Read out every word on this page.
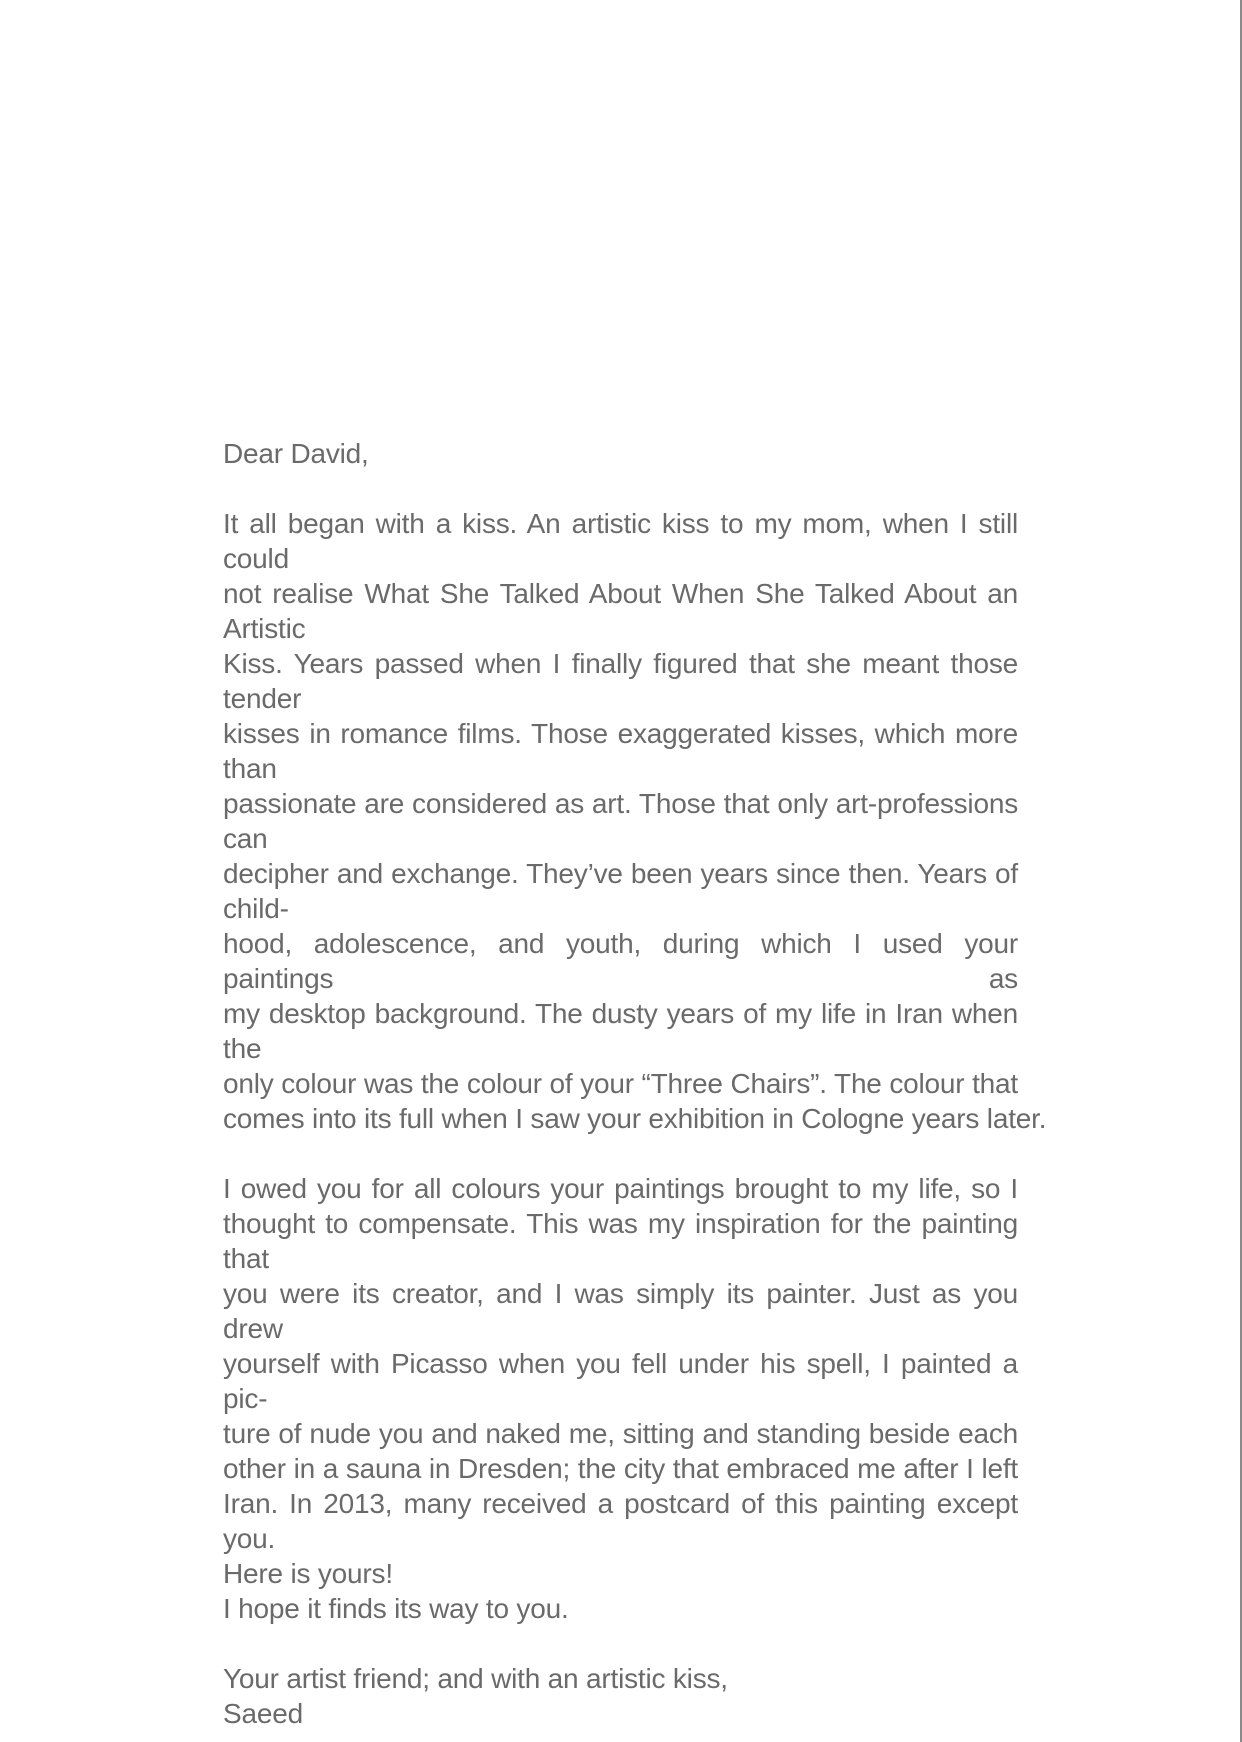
Dear David,
It all began with a kiss. An artistic kiss to my mom, when I still could
not realise What She Talked About When She Talked About an Artistic
Kiss. Years passed when I finally figured that she meant those tender
kisses in romance films. Those exaggerated kisses, which more than
passionate are considered as art. Those that only art-professions can
decipher and exchange. They’ve been years since then. Years of child-
hood, adolescence, and youth, during which I used your paintings as
my desktop background. The dusty years of my life in Iran when the
only colour was the colour of your “Three Chairs”. The colour that
comes into its full when I saw your exhibition in Cologne years later.
I owed you for all colours your paintings brought to my life, so I
thought to compensate. This was my inspiration for the painting that
you were its creator, and I was simply its painter. Just as you drew
yourself with Picasso when you fell under his spell, I painted a pic-
ture of nude you and naked me, sitting and standing beside each
other in a sauna in Dresden; the city that embraced me after I left
Iran. In 2013, many received a postcard of this painting except you.
Here is yours!
I hope it finds its way to you.
Your artist friend; and with an artistic kiss,
Saeed
